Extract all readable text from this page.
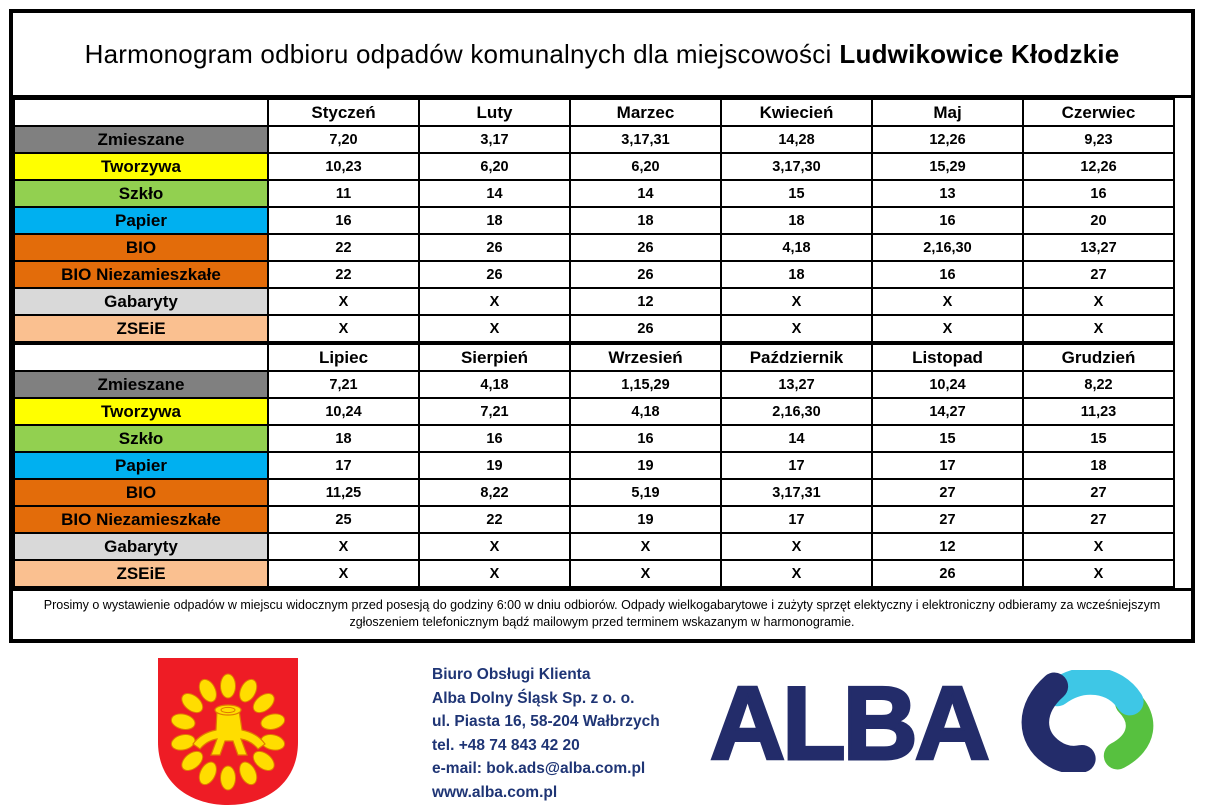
Harmonogram odbioru odpadów komunalnych dla miejscowości Ludwikowice Kłodzkie
	Styczeń	Luty	Marzec	Kwiecień	Maj	Czerwiec
Zmieszane	7,20	3,17	3,17,31	14,28	12,26	9,23
Tworzywa	10,23	6,20	6,20	3,17,30	15,29	12,26
Szkło	11	14	14	15	13	16
Papier	16	18	18	18	16	20
BIO	22	26	26	4,18	2,16,30	13,27
BIO Niezamieszkałe	22	26	26	18	16	27
Gabaryty	X	X	12	X	X	X
ZSEiE	X	X	26	X	X	X
	Lipiec	Sierpień	Wrzesień	Październik	Listopad	Grudzień
Zmieszane	7,21	4,18	1,15,29	13,27	10,24	8,22
Tworzywa	10,24	7,21	4,18	2,16,30	14,27	11,23
Szkło	18	16	16	14	15	15
Papier	17	19	19	17	17	18
BIO	11,25	8,22	5,19	3,17,31	27	27
BIO Niezamieszkałe	25	22	19	17	27	27
Gabaryty	X	X	X	X	12	X
ZSEiE	X	X	X	X	26	X
Prosimy o wystawienie odpadów w miejscu widocznym przed posesją do godziny 6:00 w dniu odbiorów. Odpady wielkogabarytowe i zużyty sprzęt elektyczny i elektroniczny odbieramy za wcześniejszym
zgłoszeniem telefonicznym bądź mailowym przed terminem wskazanym w harmonogramie.
Biuro Obsługi Klienta
Alba Dolny Śląsk Sp. z o. o.
ul. Piasta 16, 58-204 Wałbrzych
tel. +48 74 843 42 20
e-mail: bok.ads@alba.com.pl
www.alba.com.pl
ALBA
